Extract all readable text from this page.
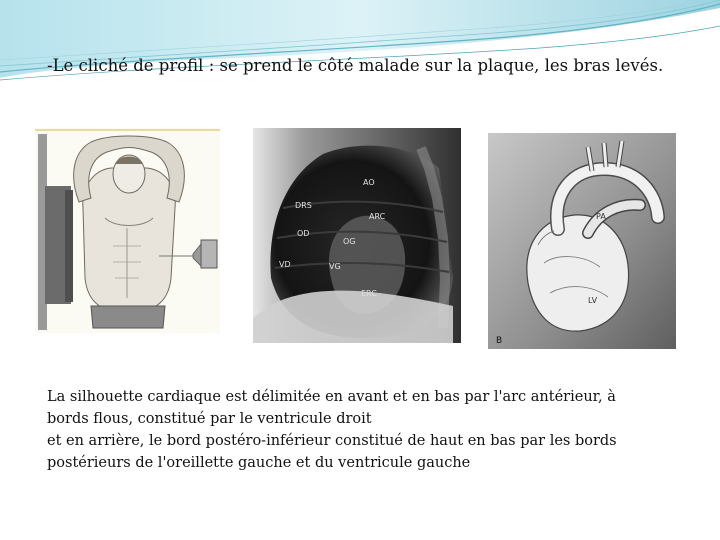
-Le cliché de profil : se prend le côté malade sur la plaque, les bras levés.
AO
DRS
ARC
OD
OG
VD	VG
ERC
PA
LV
B

La silhouette cardiaque est délimitée en avant et en bas par l'arc antérieur, à

bords flous, constitué par le ventricule droit

et en arrière, le bord postéro-inférieur constitué de haut en bas par les bords

postérieurs de l'oreillette gauche et du ventricule gauche
